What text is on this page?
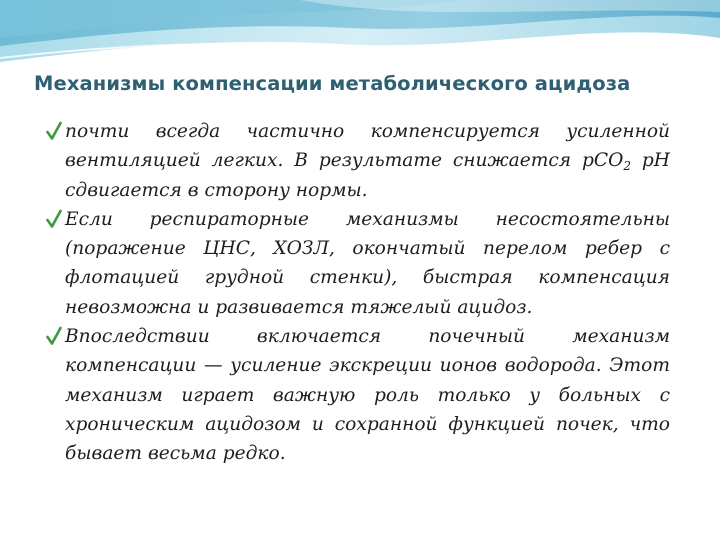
Механизмы компенсации метаболического ацидоза

почти всегда частично компенсируется усиленной вентиляцией легких. В результате снижается рСО$_2$ рН сдвигается в сторону нормы.

Если респираторные механизмы несостоятельны (поражение ЦНС, ХОЗЛ, окончатый перелом ребер с флотацией грудной стенки), быстрая компенсация невозможна и развивается тяжелый ацидоз.

Впоследствии включается почечный механизм компенсации — усиление экскреции ионов водорода. Этот механизм играет важную роль только у больных с хроническим ацидозом и сохранной функцией почек, что бывает весьма редко.
